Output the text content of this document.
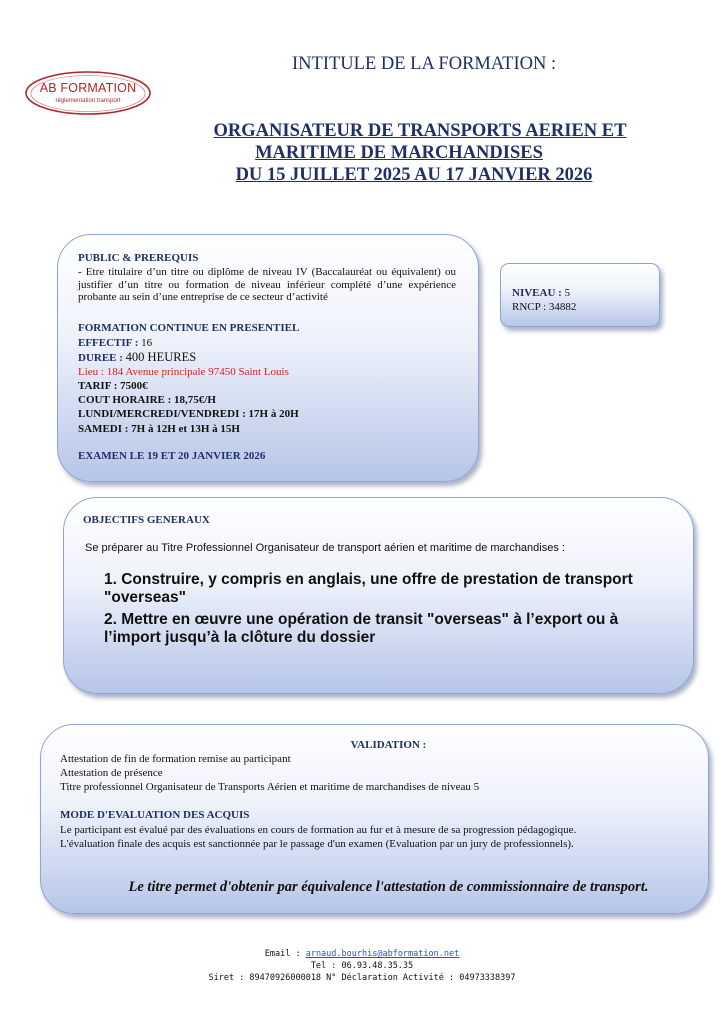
AB FORMATION
réglementation transport
INTITULE DE LA FORMATION :
ORGANISATEUR DE TRANSPORTS AERIEN ET
MARITIME DE MARCHANDISES
DU 15 JUILLET 2025 AU 17 JANVIER 2026
PUBLIC & PREREQUIS
- Etre titulaire d’un titre ou diplôme de niveau IV (Baccalauréat ou équivalent) ou justifier d’un titre ou formation de niveau inférieur complété d’une expérience probante au sein d’une entreprise de ce secteur d’activité
FORMATION CONTINUE EN PRESENTIEL
EFFECTIF : 16
DUREE : 400 HEURES
Lieu : 184 Avenue principale 97450 Saint Louis
TARIF : 7500€
COUT HORAIRE : 18,75€/H
LUNDI/MERCREDI/VENDREDI : 17H à 20H
SAMEDI : 7H à 12H et 13H à 15H
EXAMEN LE 19 ET 20 JANVIER 2026
NIVEAU : 5
RNCP : 34882
OBJECTIFS GENERAUX
Se préparer au Titre Professionnel Organisateur de transport aérien et maritime de marchandises :
1. Construire, y compris en anglais, une offre de prestation de transport "overseas"
2. Mettre en œuvre une opération de transit "overseas" à l’export ou à l’import jusqu’à la clôture du dossier
VALIDATION :
Attestation de fin de formation remise au participant
Attestation de présence
Titre professionnel Organisateur de Transports Aérien et maritime de marchandises de niveau 5
MODE D'EVALUATION DES ACQUIS
Le participant est évalué par des évaluations en cours de formation au fur et à mesure de sa progression pédagogique.
L'évaluation finale des acquis est sanctionnée par le passage d'un examen (Evaluation par un jury de professionnels).
Le titre permet d'obtenir par équivalence l'attestation de commissionnaire de transport.
Email : arnaud.bourhis@abformation.net
Tel : 06.93.48.35.35
Siret : 89470926000018 N° Déclaration Activité : 04973338397
